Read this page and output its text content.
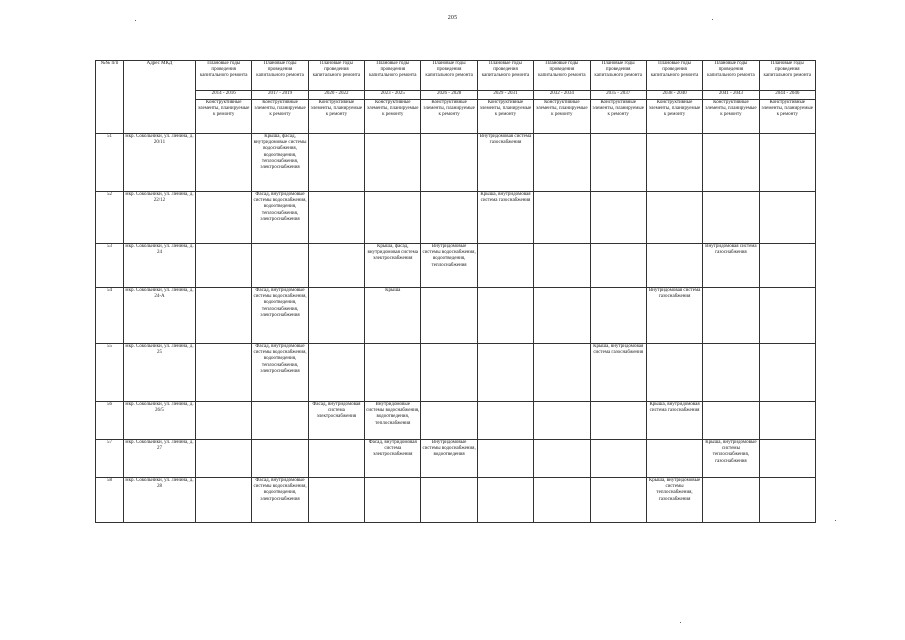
205
№№ п/п	Адрес МКД	Плановые годы проведения капитального ремонта	Плановые годы проведения капитального ремонта	Плановые годы проведения капитального ремонта	Плановые годы проведения капитального ремонта	Плановые годы проведения капитального ремонта	Плановые годы проведения капитального ремонта	Плановые годы проведения капитального ремонта	Плановые годы проведения капитального ремонта	Плановые годы проведения капитального ремонта	Плановые годы проведения капитального ремонта	Плановые годы проведения капитального ремонта
		2014 - 2016	2017 - 2019	2020 - 2022	2023 - 2025	2026 - 2028	2029 - 2031	2032 - 2034	2035 - 2037	2038 - 2040	2041 - 2043	2044 - 2046
		Конструктивные элементы, планируемые к ремонту	Конструктивные элементы, планируемые к ремонту	Конструктивные элементы, планируемые к ремонту	Конструктивные элементы, планируемые к ремонту	Конструктивные элементы, планируемые к ремонту	Конструктивные элементы, планируемые к ремонту	Конструктивные элементы, планируемые к ремонту	Конструктивные элементы, планируемые к ремонту	Конструктивные элементы, планируемые к ремонту	Конструктивные элементы, планируемые к ремонту	Конструктивные элементы, планируемые к ремонту
51	мкр. Сокольники, ул. Ленина, д. 20/11		Крыша, фасад, внутридомовые системы водоснабжения, водоотведения, теплоснабжения, электроснабжения				Внутридомовая система газоснабжения					
52	мкр. Сокольники, ул. Ленина, д. 22/12		Фасад, внутридомовые системы водоснабжения, водоотведения, теплоснабжения, электроснабжения				Крыша, внутридомовая система газоснабжения					
53	мкр. Сокольники, ул. Ленина, д. 24				Крыша, фасад, внутридомовая система электроснабжения	Внутридомовые системы водоснабжения, водоотведения, теплоснабжения					Внутридомовая система газоснабжения	
54	мкр. Сокольники, ул. Ленина, д. 24-А		Фасад, внутридомовые системы водоснабжения, водоотведения, теплоснабжения, электроснабжения		Крыша					Внутридомовая система газоснабжения		
55	мкр. Сокольники, ул. Ленина, д. 25		Фасад, внутридомовые системы водоснабжения, водоотведения, теплоснабжения, электроснабжения						Крыша, внутридомовая система газоснабжения			
56	мкр. Сокольники, ул. Ленина, д. 26/5			Фасад, внутридомовая система электроснабжения	Внутридомовые системы водоснабжения, водоотведения, теплоснабжения					Крыша, внутридомовая система газоснабжения		
57	мкр. Сокольники, ул. Ленина, д. 27				Фасад, внутридомовая система электроснабжения	Внутридомовые системы водоснабжения, водоотведения					Крыша, внутридомовые системы теплоснабжения, газоснабжения	
58	мкр. Сокольники, ул. Ленина, д. 28		Фасад, внутридомовые системы водоснабжения, водоотведения, электроснабжения							Крыша, внутридомовые системы теплоснабжения, газоснабжения		
